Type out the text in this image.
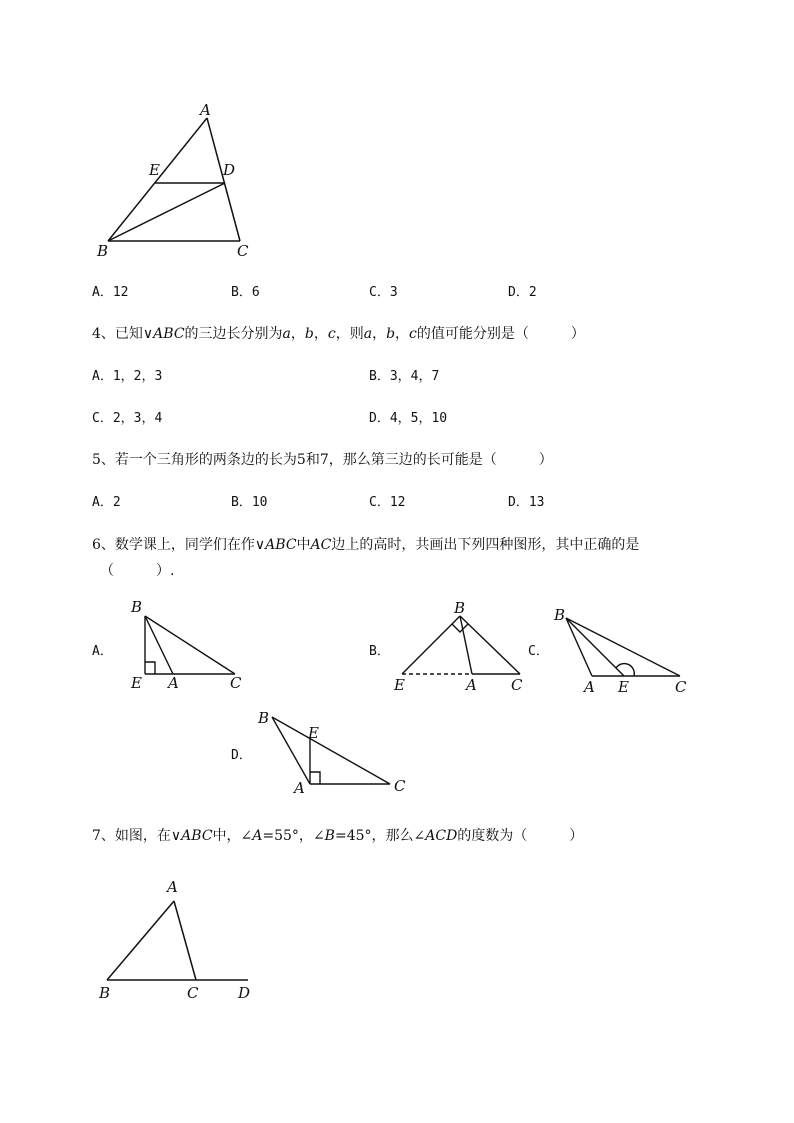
A
E	D
B	C
A．12	B．6	C．3	D．2
4、已知∨ABC的三边长分别为a，b，c，则a，b，c的值可能分别是（　　　）
A．1，2，3	B．3，4，7
C．2，3，4	D．4，5，10
5、若一个三角形的两条边的长为5和7，那么第三边的长可能是（　　　）
A．2	B．10	C．12	D．13
6、数学课上，同学们在作∨ABC中AC边上的高时，共画出下列四种图形，其中正确的是
（　　　）.
A．	B．	C．
D．
B
E A	C
B
E	A C
B
A E	C
B
E
A	C
7、如图，在∨ABC中，∠A=55°，∠B=45°，那么∠ACD的度数为（　　　）
A
B	C	D
